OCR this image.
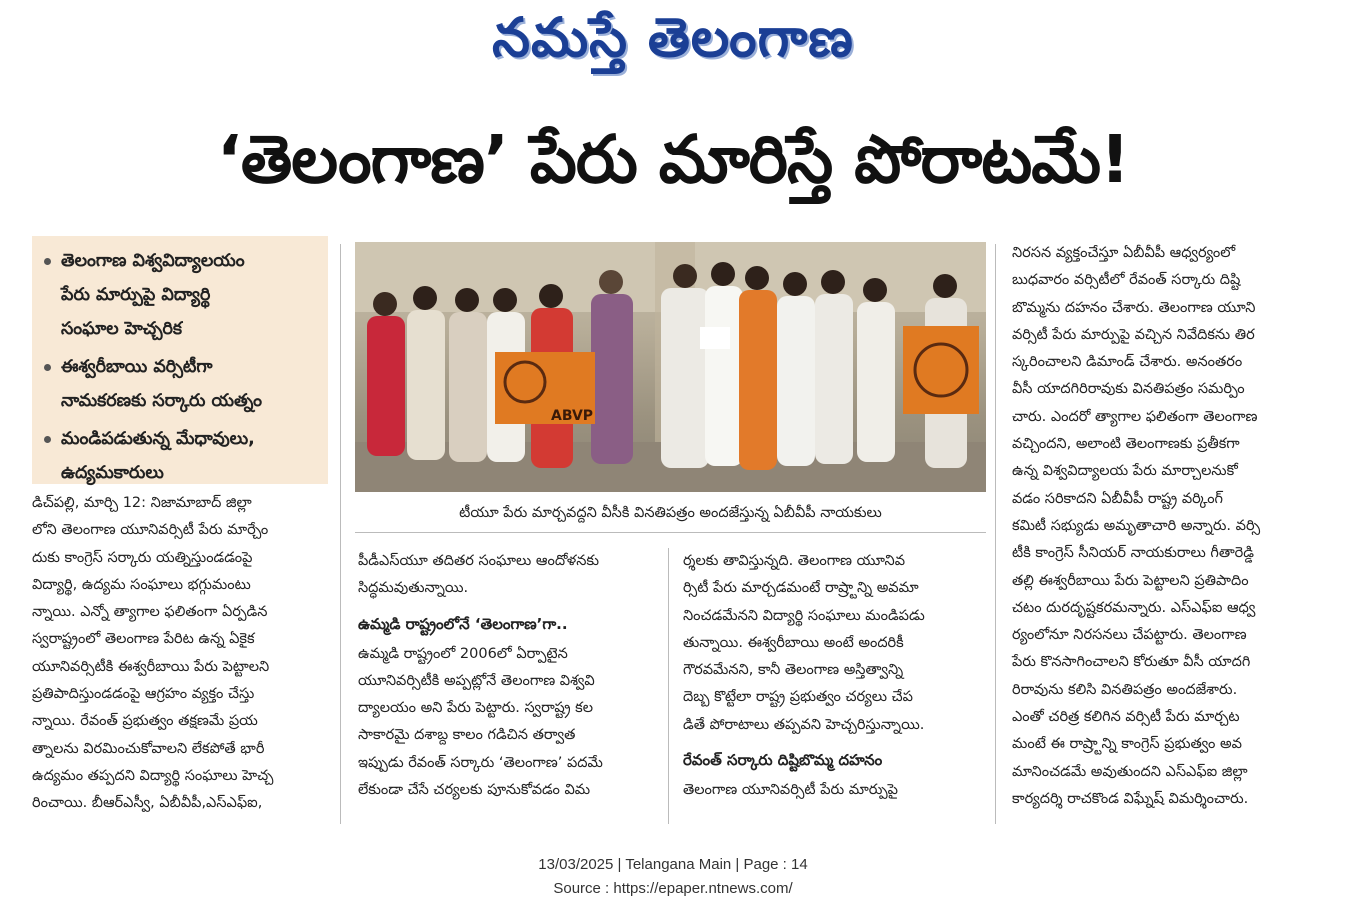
నమస్తే తెలంగాణ
‘తెలంగాణ’ పేరు మారిస్తే పోరాటమే!
తెలంగాణ విశ్వవిద్యాలయం
పేరు మార్పుపై విద్యార్థి
సంఘాల హెచ్చరిక
ఈశ్వరీబాయి వర్సిటీగా
నామకరణకు సర్కారు యత్నం
మండిపడుతున్న మేధావులు,
ఉద్యమకారులు
ABVP
టీయూ పేరు మార్చవద్దని వీసీకి వినతిపత్రం అందజేస్తున్న ఏబీవీపీ నాయకులు

డిచ్‌పల్లి, మార్చి 12: నిజామాబాద్ జిల్లా

లోని తెలంగాణ యూనివర్సిటీ పేరు మార్చేం

దుకు కాంగ్రెస్ సర్కారు యత్నిస్తుండడంపై

విద్యార్థి, ఉద్యమ సంఘాలు భగ్గుమంటు

న్నాయి. ఎన్నో త్యాగాల ఫలితంగా ఏర్పడిన

స్వరాష్ట్రంలో తెలంగాణ పేరిట ఉన్న ఏకైక

యూనివర్సిటీకి ఈశ్వరీబాయి పేరు పెట్టాలని

ప్రతిపాదిస్తుండడంపై ఆగ్రహం వ్యక్తం చేస్తు

న్నాయి. రేవంత్ ప్రభుత్వం తక్షణమే ప్రయ

త్నాలను విరమించుకోవాలని లేకపోతే భారీ

ఉద్యమం తప్పదని విద్యార్థి సంఘాలు హెచ్చ

రించాయి. బీఆర్‌ఎస్వీ, ఏబీవీపీ,ఎస్‌ఎఫ్‌ఐ,

పీడీఎస్‌యూ తదితర సంఘాలు ఆందోళనకు

సిద్ధమవుతున్నాయి.

ఉమ్మడి రాష్ట్రంలోనే ‘తెలంగాణ’గా..

ఉమ్మడి రాష్ట్రంలో 2006లో ఏర్పాటైన

యూనివర్సిటీకి అప్పట్లోనే తెలంగాణ విశ్వవి

ద్యాలయం అని పేరు పెట్టారు. స్వరాష్ట్ర కల

సాకారమై దశాబ్ద కాలం గడిచిన తర్వాత

ఇప్పుడు రేవంత్ సర్కారు ‘తెలంగాణ’ పదమే

లేకుండా చేసే చర్యలకు పూనుకోవడం విమ

ర్శలకు తావిస్తున్నది. తెలంగాణ యూనివ

ర్సిటీ పేరు మార్చడమంటే రాష్ర్టాన్ని అవమా

నించడమేనని విద్యార్థి సంఘాలు మండిపడు

తున్నాయి. ఈశ్వరీబాయి అంటే అందరికీ

గౌరవమేనని, కానీ తెలంగాణ అస్తిత్వాన్ని

దెబ్బ కొట్టేలా రాష్ట్ర ప్రభుత్వం చర్యలు చేప

డితే పోరాటాలు తప్పవని హెచ్చరిస్తున్నాయి.

రేవంత్ సర్కారు దిష్టిబొమ్మ దహనం

తెలంగాణ యూనివర్సిటీ పేరు మార్పుపై

నిరసన వ్యక్తంచేస్తూ ఏబీవీపీ ఆధ్వర్యంలో

బుధవారం వర్సిటీలో రేవంత్ సర్కారు దిష్టి

బొమ్మను దహనం చేశారు. తెలంగాణ యూని

వర్సిటీ పేరు మార్పుపై వచ్చిన నివేదికను తిర

స్కరించాలని డిమాండ్ చేశారు. అనంతరం

వీసీ యాదగిరిరావుకు వినతిపత్రం సమర్పిం

చారు. ఎందరో త్యాగాల ఫలితంగా తెలంగాణ

వచ్చిందని, అలాంటి తెలంగాణకు ప్రతీకగా

ఉన్న విశ్వవిద్యాలయ పేరు మార్చాలనుకో

వడం సరికాదని ఏబీవీపీ రాష్ట్ర వర్కింగ్

కమిటీ సభ్యుడు అమృతాచారి అన్నారు. వర్సి

టీకి కాంగ్రెస్ సీనియర్ నాయకురాలు గీతారెడ్డి

తల్లి ఈశ్వరీబాయి పేరు పెట్టాలని ప్రతిపాదిం

చటం దురదృష్టకరమన్నారు. ఎస్‌ఎఫ్‌ఐ ఆధ్వ

ర్యంలోనూ నిరసనలు చేపట్టారు. తెలంగాణ

పేరు కొనసాగించాలని కోరుతూ వీసీ యాదగి

రిరావును కలిసి వినతిపత్రం అందజేశారు.

ఎంతో చరిత్ర కలిగిన వర్సిటీ పేరు మార్చట

మంటే ఈ రాష్ర్టాన్ని కాంగ్రెస్ ప్రభుత్వం అవ

మానించడమే అవుతుందని ఎస్‌ఎఫ్‌ఐ జిల్లా

కార్యదర్శి రాచకొండ విఘ్నేష్ విమర్శించారు.

13/03/2025 | Telangana Main | Page : 14
Source : https://epaper.ntnews.com/
